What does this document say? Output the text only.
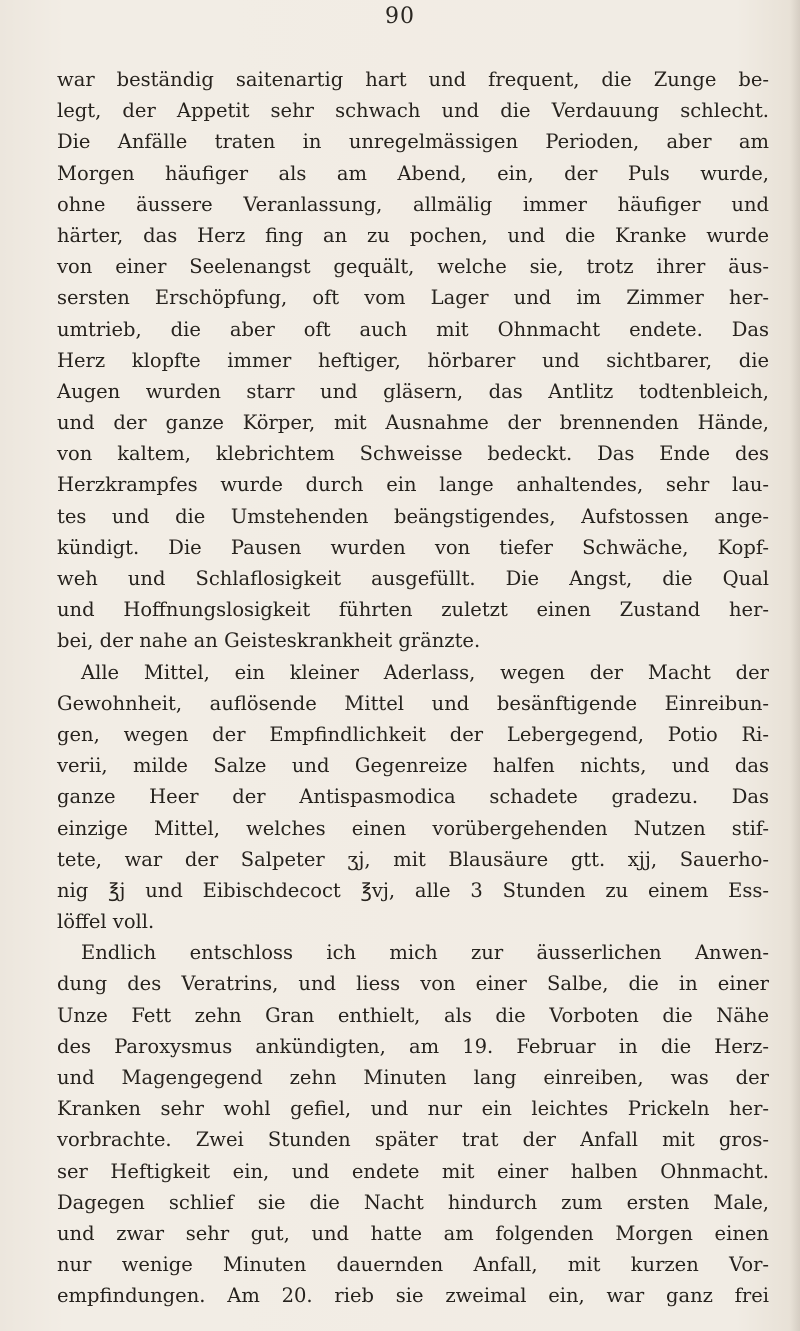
90
war beständig saitenartig hart und frequent, die Zunge be-
legt, der Appetit sehr schwach und die Verdauung schlecht.
Die Anfälle traten in unregelmässigen Perioden, aber am
Morgen häufiger als am Abend, ein, der Puls wurde,
ohne äussere Veranlassung, allmälig immer häufiger und
härter, das Herz fing an zu pochen, und die Kranke wurde
von einer Seelenangst gequält, welche sie, trotz ihrer äus-
sersten Erschöpfung, oft vom Lager und im Zimmer her-
umtrieb, die aber oft auch mit Ohnmacht endete. Das
Herz klopfte immer heftiger, hörbarer und sichtbarer, die
Augen wurden starr und gläsern, das Antlitz todtenbleich,
und der ganze Körper, mit Ausnahme der brennenden Hände,
von kaltem, klebrichtem Schweisse bedeckt. Das Ende des
Herzkrampfes wurde durch ein lange anhaltendes, sehr lau-
tes und die Umstehenden beängstigendes, Aufstossen ange-
kündigt. Die Pausen wurden von tiefer Schwäche, Kopf-
weh und Schlaflosigkeit ausgefüllt. Die Angst, die Qual
und Hoffnungslosigkeit führten zuletzt einen Zustand her-
bei, der nahe an Geisteskrankheit gränzte.
Alle Mittel, ein kleiner Aderlass, wegen der Macht der
Gewohnheit, auflösende Mittel und besänftigende Einreibun-
gen, wegen der Empfindlichkeit der Lebergegend, Potio Ri-
verii, milde Salze und Gegenreize halfen nichts, und das
ganze Heer der Antispasmodica schadete gradezu. Das
einzige Mittel, welches einen vorübergehenden Nutzen stif-
tete, war der Salpeter ʒj, mit Blausäure gtt. xjj, Sauerho-
nig ℥j und Eibischdecoct ℥vj, alle 3 Stunden zu einem Ess-
löffel voll.
Endlich entschloss ich mich zur äusserlichen Anwen-
dung des Veratrins, und liess von einer Salbe, die in einer
Unze Fett zehn Gran enthielt, als die Vorboten die Nähe
des Paroxysmus ankündigten, am 19. Februar in die Herz-
und Magengegend zehn Minuten lang einreiben, was der
Kranken sehr wohl gefiel, und nur ein leichtes Prickeln her-
vorbrachte. Zwei Stunden später trat der Anfall mit gros-
ser Heftigkeit ein, und endete mit einer halben Ohnmacht.
Dagegen schlief sie die Nacht hindurch zum ersten Male,
und zwar sehr gut, und hatte am folgenden Morgen einen
nur wenige Minuten dauernden Anfall, mit kurzen Vor-
empfindungen. Am 20. rieb sie zweimal ein, war ganz frei
